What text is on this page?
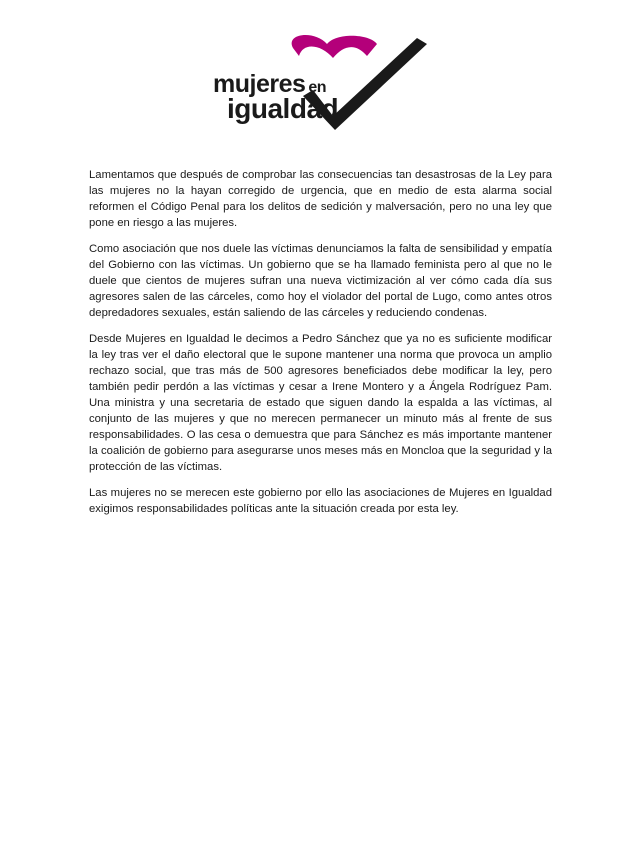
mujeres en
igualdad

Lamentamos que después de comprobar las consecuencias tan desastrosas de la Ley para las mujeres no la hayan corregido de urgencia, que en medio de esta alarma social reformen el Código Penal para los delitos de sedición y malversación, pero no una ley que pone en riesgo a las mujeres.

Como asociación que nos duele las víctimas denunciamos la falta de sensibilidad y empatía del Gobierno con las víctimas. Un gobierno que se ha llamado feminista pero al que no le duele que cientos de mujeres sufran una nueva victimización al ver cómo cada día sus agresores salen de las cárceles, como hoy el violador del portal de Lugo, como antes otros depredadores sexuales, están saliendo de las cárceles y reduciendo condenas.

Desde Mujeres en Igualdad le decimos a Pedro Sánchez que ya no es suficiente modificar la ley tras ver el daño electoral que le supone mantener una norma que provoca un amplio rechazo social, que tras más de 500 agresores beneficiados debe modificar la ley, pero también pedir perdón a las víctimas y cesar a Irene Montero y a Ángela Rodríguez Pam. Una ministra y una secretaria de estado que siguen dando la espalda a las víctimas, al conjunto de las mujeres y que no merecen permanecer un minuto más al frente de sus responsabilidades. O las cesa o demuestra que para Sánchez es más importante mantener la coalición de gobierno para asegurarse unos meses más en Moncloa que la seguridad y la protección de las víctimas.

Las mujeres no se merecen este gobierno por ello las asociaciones de Mujeres en Igualdad exigimos responsabilidades políticas ante la situación creada por esta ley.
